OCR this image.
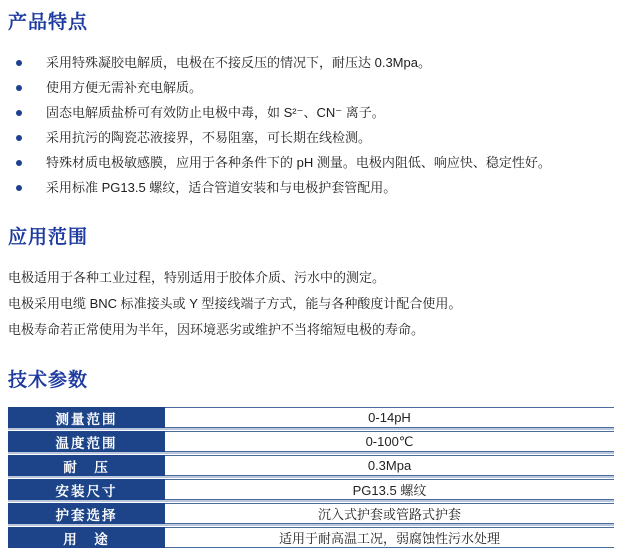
产品特点
采用特殊凝胶电解质，电极在不接反压的情况下，耐压达 0.3Mpa。
使用方便无需补充电解质。
固态电解质盐桥可有效防止电极中毒，如 S²⁻、CN⁻ 离子。
采用抗污的陶瓷芯液接界，不易阻塞，可长期在线检测。
特殊材质电极敏感膜，应用于各种条件下的 pH 测量。电极内阻低、响应快、稳定性好。
采用标准 PG13.5 螺纹，适合管道安装和与电极护套管配用。
应用范围

电极适用于各种工业过程，特别适用于胶体介质、污水中的测定。

电极采用电缆 BNC 标准接头或 Y 型接线端子方式，能与各种酸度计配合使用。

电极寿命若正常使用为半年，因环境恶劣或维护不当将缩短电极的寿命。

技术参数
测量范围	0-14pH
温度范围	0-100℃
耐　压	0.3Mpa
安装尺寸	PG13.5 螺纹
护套选择	沉入式护套或管路式护套
用　途	适用于耐高温工况，弱腐蚀性污水处理
